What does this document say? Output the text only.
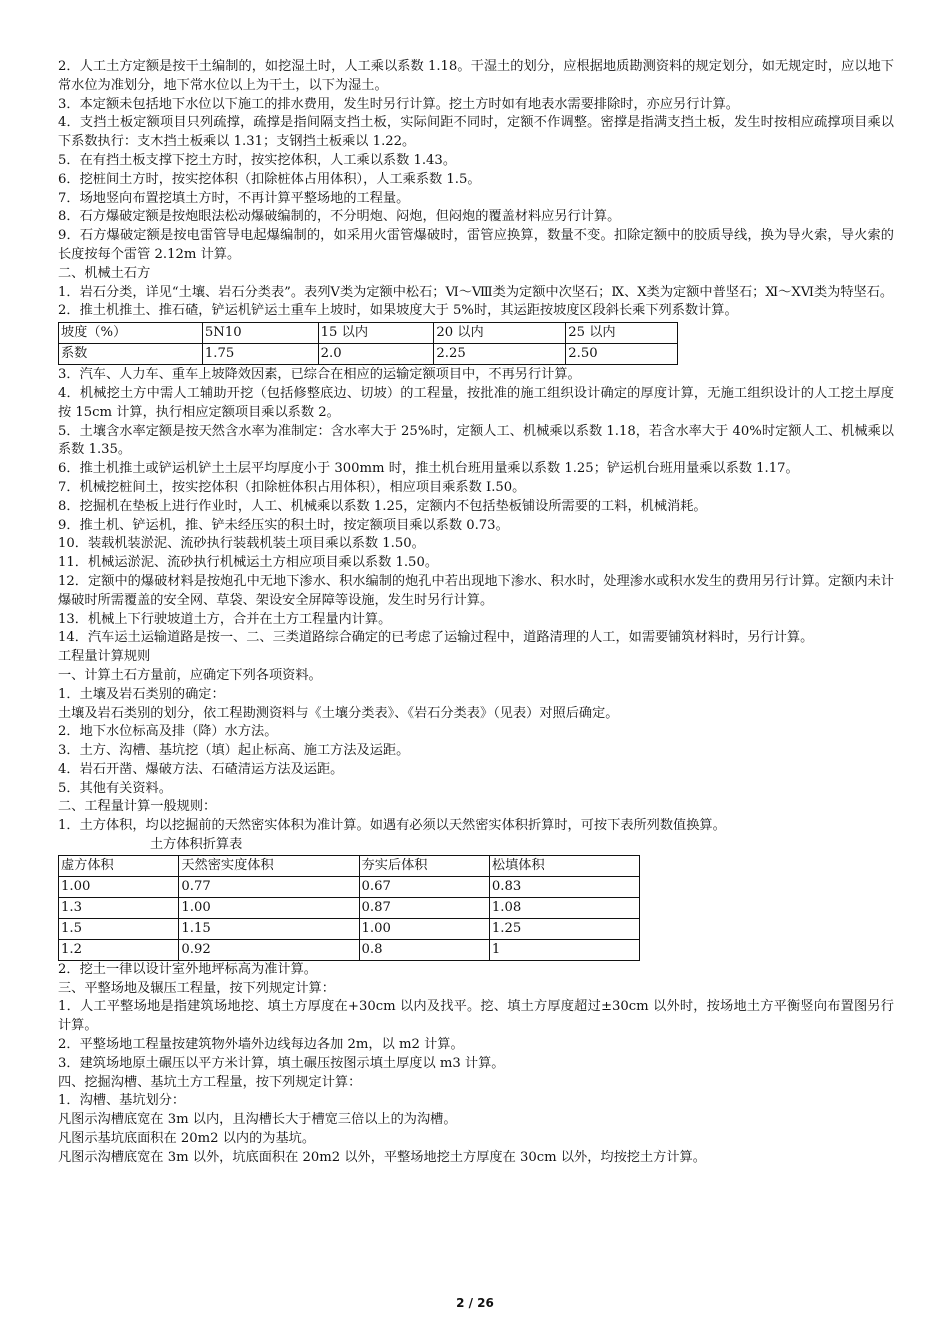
2．人工土方定额是按干土编制的，如挖湿土时，人工乘以系数 1.18。干湿土的划分，应根据地质勘测资料的规定划分，如无规定时，应以地下常水位为准划分，地下常水位以上为干土，以下为湿土。

3．本定额未包括地下水位以下施工的排水费用，发生时另行计算。挖土方时如有地表水需要排除时，亦应另行计算。

4．支挡土板定额项目只列疏撑，疏撑是指间隔支挡土板，实际间距不同时，定额不作调整。密撑是指满支挡土板，发生时按相应疏撑项目乘以下系数执行：支木挡土板乘以 1.31；支钢挡土板乘以 1.22。

5．在有挡土板支撑下挖土方时，按实挖体积，人工乘以系数 1.43。

6．挖桩间土方时，按实挖体积（扣除桩体占用体积），人工乘系数 1.5。

7．场地竖向布置挖填土方时，不再计算平整场地的工程量。

8．石方爆破定额是按炮眼法松动爆破编制的，不分明炮、闷炮，但闷炮的覆盖材料应另行计算。

9．石方爆破定额是按电雷管导电起爆编制的，如采用火雷管爆破时，雷管应换算，数量不变。扣除定额中的胶质导线，换为导火索，导火索的长度按每个雷管 2.12m 计算。

二、机械土石方

1．岩石分类，详见“土壤、岩石分类表”。表列Ⅴ类为定额中松石；Ⅵ～Ⅷ类为定额中次坚石；Ⅸ、Ⅹ类为定额中普坚石；Ⅺ～ⅩⅥ类为特坚石。

2．推土机推土、推石碴，铲运机铲运土重车上坡时，如果坡度大于 5%时，其运距按坡度区段斜长乘下列系数计算。

坡度（%）	5N10	15 以内	20 以内	25 以内
系数	1.75	2.0	2.25	2.50

3．汽车、人力车、重车上坡降效因素，已综合在相应的运输定额项目中，不再另行计算。

4．机械挖土方中需人工辅助开挖（包括修整底边、切坡）的工程量，按批准的施工组织设计确定的厚度计算，无施工组织设计的人工挖土厚度按 15cm 计算，执行相应定额项目乘以系数 2。

5．土壤含水率定额是按天然含水率为准制定：含水率大于 25%时，定额人工、机械乘以系数 1.18，若含水率大于 40%时定额人工、机械乘以系数 1.35。

6．推土机推土或铲运机铲土土层平均厚度小于 300mm 时，推土机台班用量乘以系数 1.25；铲运机台班用量乘以系数 1.17。

7．机械挖桩间土，按实挖体积（扣除桩体积占用体积），相应项目乘系数 I.50。

8．挖掘机在垫板上进行作业时，人工、机械乘以系数 1.25，定额内不包括垫板铺设所需要的工料，机械消耗。

9．推土机、铲运机，推、铲未经压实的积土时，按定额项目乘以系数 0.73。

10．装载机装淤泥、流砂执行装载机装土项目乘以系数 1.50。

11．机械运淤泥、流砂执行机械运土方相应项目乘以系数 1.50。

12．定额中的爆破材料是按炮孔中无地下渗水、积水编制的炮孔中若出现地下渗水、积水时，处理渗水或积水发生的费用另行计算。定额内未计爆破时所需覆盖的安全网、草袋、架设安全屏障等设施，发生时另行计算。

13．机械上下行驶坡道土方，合并在土方工程量内计算。

14．汽车运土运输道路是按一、二、三类道路综合确定的已考虑了运输过程中，道路清理的人工，如需要铺筑材料时，另行计算。

工程量计算规则

一、计算土石方量前，应确定下列各项资料。

1．土壤及岩石类别的确定：

土壤及岩石类别的划分，依工程勘测资料与《土壤分类表》、《岩石分类表》（见表）对照后确定。

2．地下水位标高及排（降）水方法。

3．土方、沟槽、基坑挖（填）起止标高、施工方法及运距。

4．岩石开凿、爆破方法、石碴清运方法及运距。

5．其他有关资料。

二、工程量计算一般规则：

1．土方体积，均以挖掘前的天然密实体积为准计算。如遇有必须以天然密实体积折算时，可按下表所列数值换算。

土方体积折算表

虚方体积	天然密实度体积	夯实后体积	松填体积
1.00	0.77	0.67	0.83
1.3	1.00	0.87	1.08
1.5	1.15	1.00	1.25
1.2	0.92	0.8	1

2．挖土一律以设计室外地坪标高为准计算。

三、平整场地及辗压工程量，按下列规定计算：

1．人工平整场地是指建筑场地挖、填土方厚度在+30cm 以内及找平。挖、填土方厚度超过±30cm 以外时，按场地土方平衡竖向布置图另行计算。

2．平整场地工程量按建筑物外墙外边线每边各加 2m，以 m2 计算。

3．建筑场地原土碾压以平方米计算，填土碾压按图示填土厚度以 m3 计算。

四、挖掘沟槽、基坑土方工程量，按下列规定计算：

1．沟槽、基坑划分：

凡图示沟槽底宽在 3m 以内，且沟槽长大于槽宽三倍以上的为沟槽。

凡图示基坑底面积在 20m2 以内的为基坑。

凡图示沟槽底宽在 3m 以外，坑底面积在 20m2 以外，平整场地挖土方厚度在 30cm 以外，均按挖土方计算。

2 / 26
